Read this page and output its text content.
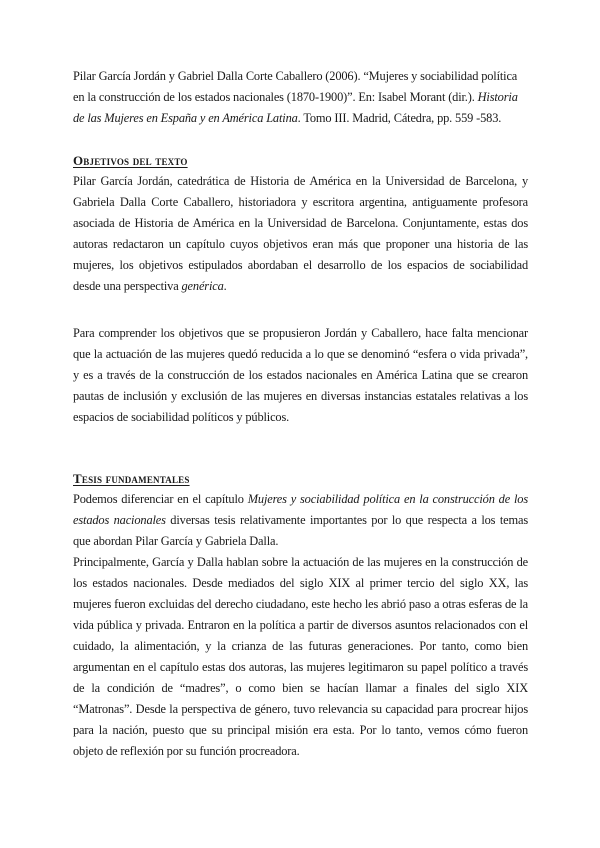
Pilar García Jordán y Gabriel Dalla Corte Caballero (2006). “Mujeres y sociabilidad política en la construcción de los estados nacionales (1870-1900)”. En: Isabel Morant (dir.). Historia de las Mujeres en España y en América Latina. Tomo III. Madrid, Cátedra, pp. 559 -583.

Objetivos del texto

Pilar García Jordán, catedrática de Historia de América en la Universidad de Barcelona, y Gabriela Dalla Corte Caballero, historiadora y escritora argentina, antiguamente profesora asociada de Historia de América en la Universidad de Barcelona. Conjuntamente, estas dos autoras redactaron un capítulo cuyos objetivos eran más que proponer una historia de las mujeres, los objetivos estipulados abordaban el desarrollo de los espacios de sociabilidad desde una perspectiva genérica.

Para comprender los objetivos que se propusieron Jordán y Caballero, hace falta mencionar que la actuación de las mujeres quedó reducida a lo que se denominó “esfera o vida privada”, y es a través de la construcción de los estados nacionales en América Latina que se crearon pautas de inclusión y exclusión de las mujeres en diversas instancias estatales relativas a los espacios de sociabilidad políticos y públicos.

Tesis fundamentales

Podemos diferenciar en el capítulo Mujeres y sociabilidad política en la construcción de los estados nacionales diversas tesis relativamente importantes por lo que respecta a los temas que abordan Pilar García y Gabriela Dalla.

Principalmente, García y Dalla hablan sobre la actuación de las mujeres en la construcción de los estados nacionales. Desde mediados del siglo XIX al primer tercio del siglo XX, las mujeres fueron excluidas del derecho ciudadano, este hecho les abrió paso a otras esferas de la vida pública y privada. Entraron en la política a partir de diversos asuntos relacionados con el cuidado, la alimentación, y la crianza de las futuras generaciones. Por tanto, como bien argumentan en el capítulo estas dos autoras, las mujeres legitimaron su papel político a través de la condición de “madres”, o como bien se hacían llamar a finales del siglo XIX “Matronas”. Desde la perspectiva de género, tuvo relevancia su capacidad para procrear hijos para la nación, puesto que su principal misión era esta. Por lo tanto, vemos cómo fueron objeto de reflexión por su función procreadora.
